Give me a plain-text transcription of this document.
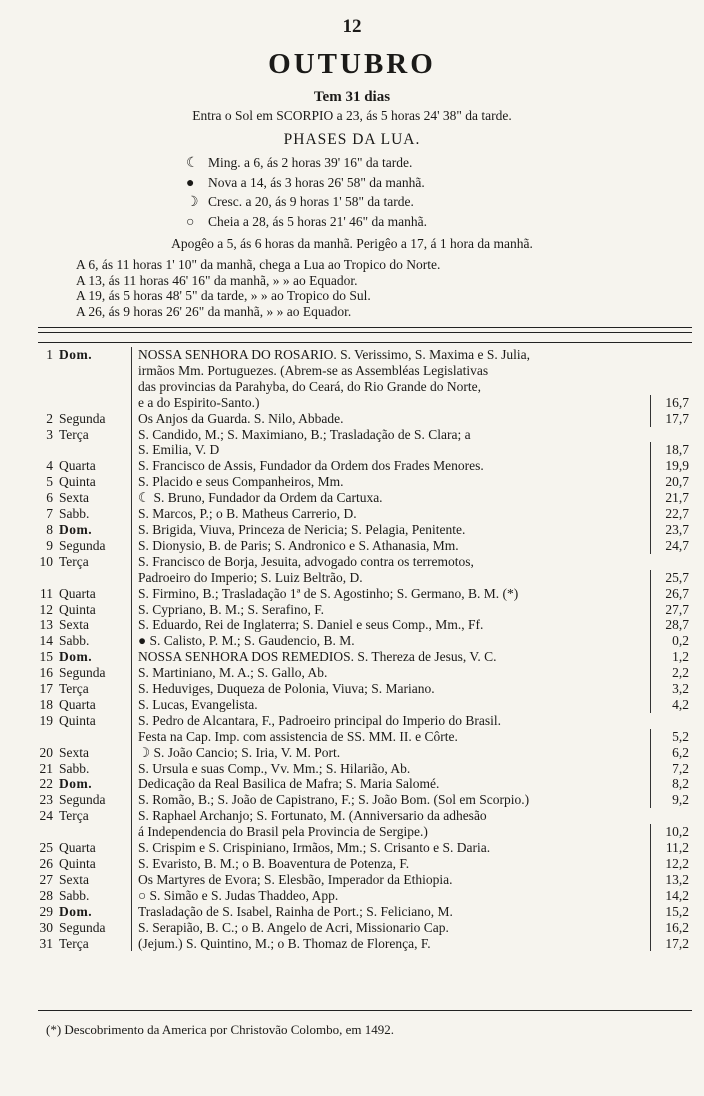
12
OUTUBRO
Tem 31 dias
Entra o Sol em SCORPIO a 23, ás 5 horas 24' 38" da tarde.
PHASES DA LUA.
☾ Ming. a 6, ás 2 horas 39' 16" da tarde.
● Nova a 14, ás 3 horas 26' 58" da manhã.
☽ Cresc. a 20, ás 9 horas 1' 58" da tarde.
○ Cheia a 28, ás 5 horas 21' 46" da manhã.
Apogêo a 5, ás 6 horas da manhã. Perigêo a 17, á 1 hora da manhã.
A 6, ás 11 horas 1' 10" da manhã, chega a Lua ao Tropico do Norte.
A 13, ás 11 horas 46' 16" da manhã, » » ao Equador.
A 19, ás 5 horas 48' 5" da tarde, » » ao Tropico do Sul.
A 26, ás 9 horas 26' 26" da manhã, » » ao Equador.
1 Dom.	NOSSA SENHORA DO ROSARIO. S. Verissimo, S. Maxima e S. Julia,
irmãos Mm. Portuguezes. (Abrem-se as Assembléas Legislativas
das provincias da Parahyba, do Ceará, do Rio Grande do Norte,
e a do Espirito-Santo.)	16,7
2 Segunda	Os Anjos da Guarda. S. Nilo, Abbade.	17,7
3 Terça	S. Candido, M.; S. Maximiano, B.; Trasladação de S. Clara; a
S. Emilia, V. D	18,7
4 Quarta	S. Francisco de Assis, Fundador da Ordem dos Frades Menores.	19,9
5 Quinta	S. Placido e seus Companheiros, Mm.	20,7
6 Sexta	☾ S. Bruno, Fundador da Ordem da Cartuxa.	21,7
7 Sabb.	S. Marcos, P.; o B. Matheus Carrerio, D.	22,7
8 Dom.	S. Brigida, Viuva, Princeza de Nericia; S. Pelagia, Penitente.	23,7
9 Segunda	S. Dionysio, B. de Paris; S. Andronico e S. Athanasia, Mm.	24,7
10 Terça	S. Francisco de Borja, Jesuita, advogado contra os terremotos,
Padroeiro do Imperio; S. Luiz Beltrão, D.	25,7
11 Quarta	S. Firmino, B.; Trasladação 1ª de S. Agostinho; S. Germano, B. M. (*)	26,7
12 Quinta	S. Cypriano, B. M.; S. Serafino, F.	27,7
13 Sexta	S. Eduardo, Rei de Inglaterra; S. Daniel e seus Comp., Mm., Ff.	28,7
14 Sabb.	● S. Calisto, P. M.; S. Gaudencio, B. M.	0,2
15 Dom.	NOSSA SENHORA DOS REMEDIOS. S. Thereza de Jesus, V. C.	1,2
16 Segunda	S. Martiniano, M. A.; S. Gallo, Ab.	2,2
17 Terça	S. Heduviges, Duqueza de Polonia, Viuva; S. Mariano.	3,2
18 Quarta	S. Lucas, Evangelista.	4,2
19 Quinta	S. Pedro de Alcantara, F., Padroeiro principal do Imperio do Brasil.
Festa na Cap. Imp. com assistencia de SS. MM. II. e Côrte.	5,2
20 Sexta	☽ S. João Cancio; S. Iria, V. M. Port.	6,2
21 Sabb.	S. Ursula e suas Comp., Vv. Mm.; S. Hilarião, Ab.	7,2
22 Dom.	Dedicação da Real Basilica de Mafra; S. Maria Salomé.	8,2
23 Segunda	S. Romão, B.; S. João de Capistrano, F.; S. João Bom. (Sol em Scorpio.)	9,2
24 Terça	S. Raphael Archanjo; S. Fortunato, M. (Anniversario da adhesão
á Independencia do Brasil pela Provincia de Sergipe.)	10,2
25 Quarta	S. Crispim e S. Crispiniano, Irmãos, Mm.; S. Crisanto e S. Daria.	11,2
26 Quinta	S. Evaristo, B. M.; o B. Boaventura de Potenza, F.	12,2
27 Sexta	Os Martyres de Evora; S. Elesbão, Imperador da Ethiopia.	13,2
28 Sabb.	○ S. Simão e S. Judas Thaddeo, App.	14,2
29 Dom.	Trasladação de S. Isabel, Rainha de Port.; S. Feliciano, M.	15,2
30 Segunda	S. Serapião, B. C.; o B. Angelo de Acri, Missionario Cap.	16,2
31 Terça	(Jejum.) S. Quintino, M.; o B. Thomaz de Florença, F.	17,2
(*) Descobrimento da America por Christovão Colombo, em 1492.
